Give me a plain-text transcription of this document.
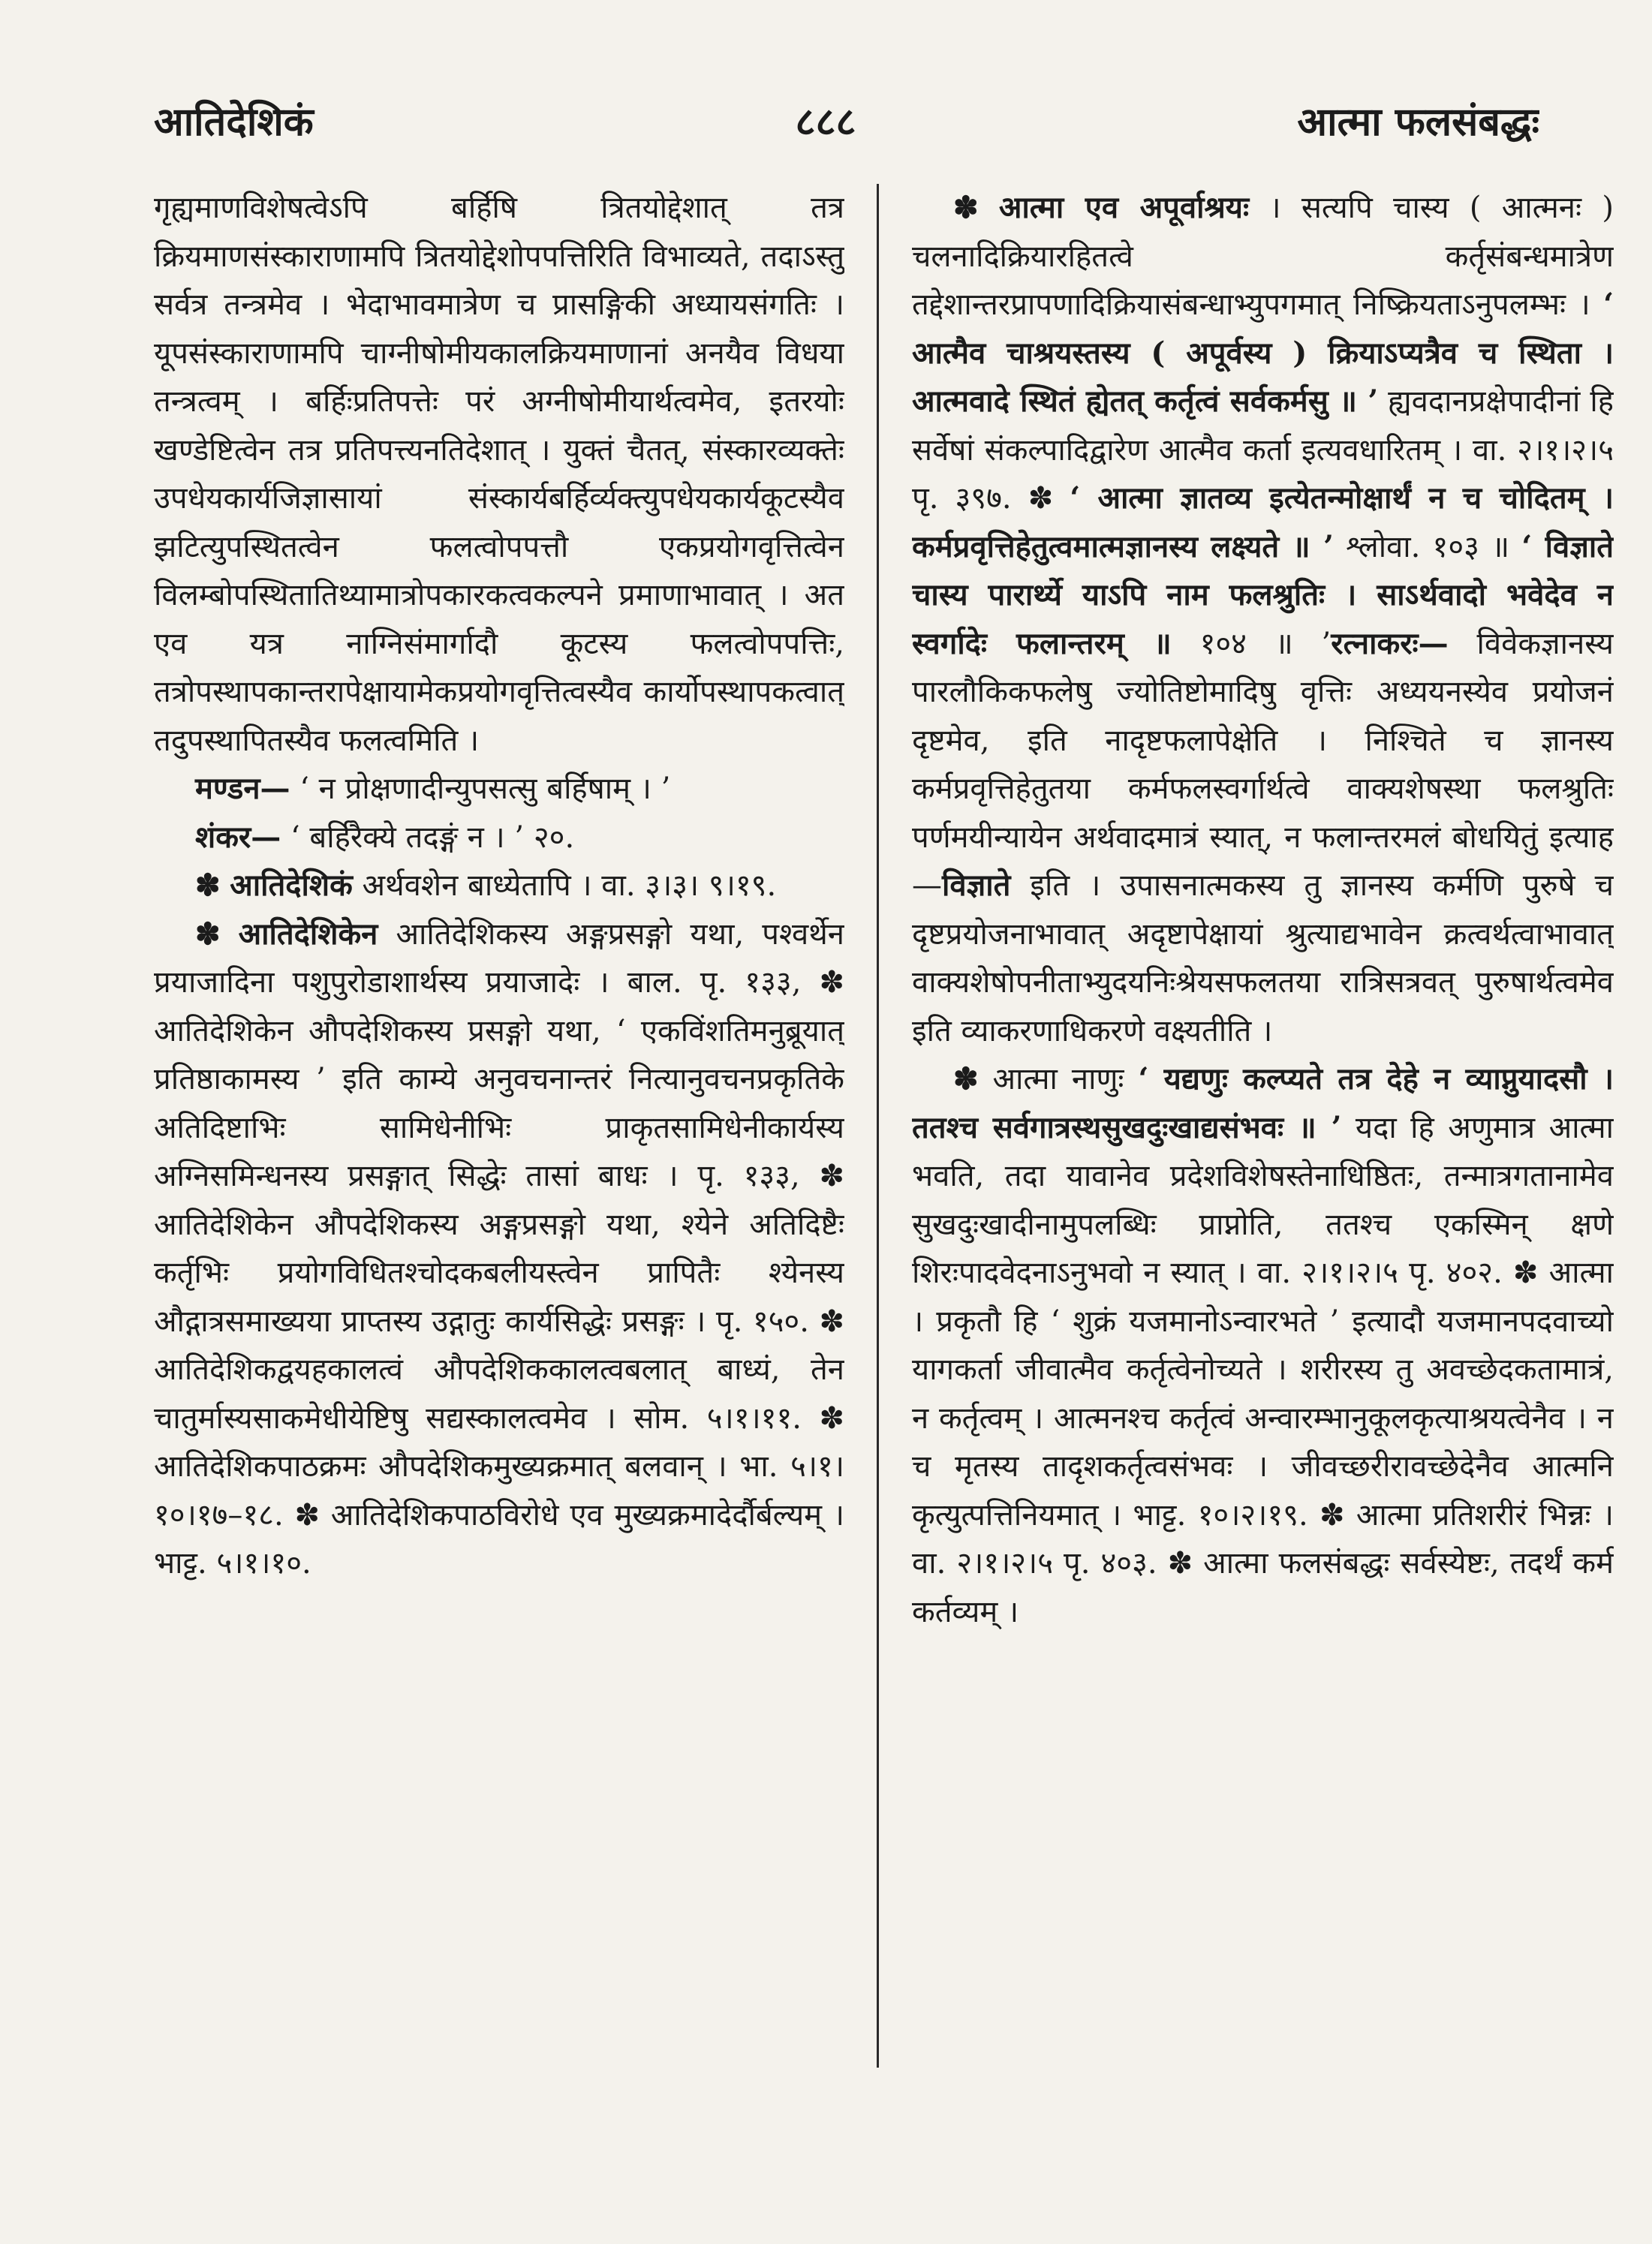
आतिदेशिकं	८८८	आत्मा फलसंबद्धः

गृह्यमाणविशेषत्वेऽपि बर्हिषि त्रितयोद्देशात् तत्र क्रियमाणसंस्काराणामपि त्रितयोद्देशोपपत्तिरिति विभाव्यते, तदाऽस्तु सर्वत्र तन्त्रमेव । भेदाभावमात्रेण च प्रासङ्गिकी अध्यायसंगतिः । यूपसंस्काराणामपि चाग्नीषोमीयकालक्रियमाणानां अनयैव विधया तन्त्रत्वम् । बर्हिःप्रतिपत्तेः परं अग्नीषोमीयार्थत्वमेव, इतरयोः खण्डेष्टित्वेन तत्र प्रतिपत्त्यनतिदेशात् । युक्तं चैतत्, संस्कारव्यक्तेः उपधेयकार्यजिज्ञासायां संस्कार्यबर्हिर्व्यक्त्युपधेयकार्यकूटस्यैव झटित्युपस्थितत्वेन फलत्वोपपत्तौ एकप्रयोगवृत्तित्वेन विलम्बोपस्थितातिथ्यामात्रोपकारकत्वकल्पने प्रमाणाभावात् । अत एव यत्र नाग्निसंमार्गादौ कूटस्य फलत्वोपपत्तिः, तत्रोपस्थापकान्तरापेक्षायामेकप्रयोगवृत्तित्वस्यैव कार्योपस्थापकत्वात् तदुपस्थापितस्यैव फलत्वमिति ।

मण्डन— ‘ न प्रोक्षणादीन्युपसत्सु बर्हिषाम् । ’

शंकर— ‘ बर्हिरैक्ये तदङ्गं न । ’ २०.

✽ आतिदेशिकं अर्थवशेन बाध्येतापि । वा. ३।३। ९।१९.

✽ आतिदेशिकेन आतिदेशिकस्य अङ्गप्रसङ्गो यथा, पश्वर्थेन प्रयाजादिना पशुपुरोडाशार्थस्य प्रयाजादेः । बाल. पृ. १३३, ✽ आतिदेशिकेन औपदेशिकस्य प्रसङ्गो यथा, ‘ एकविंशतिमनुब्रूयात् प्रतिष्ठाकामस्य ’ इति काम्ये अनुवचनान्तरं नित्यानुवचनप्रकृतिके अतिदिष्टाभिः सामिधेनीभिः प्राकृतसामिधेनीकार्यस्य अग्निसमिन्धनस्य प्रसङ्गात् सिद्धेः तासां बाधः । पृ. १३३, ✽ आतिदेशिकेन औपदेशिकस्य अङ्गप्रसङ्गो यथा, श्येने अतिदिष्टैः कर्तृभिः प्रयोगविधितश्चोदकबलीयस्त्वेन प्रापितैः श्येनस्य औद्गात्रसमाख्यया प्राप्तस्य उद्गातुः कार्यसिद्धेः प्रसङ्गः । पृ. १५०. ✽ आतिदेशिकद्वयहकालत्वं औपदेशिककालत्वबलात् बाध्यं, तेन चातुर्मास्यसाकमेधीयेष्टिषु सद्यस्कालत्वमेव । सोम. ५।१।११. ✽ आतिदेशिकपाठक्रमः औपदेशिकमुख्यक्रमात् बलवान् । भा. ५।१।१०।१७–१८. ✽ आतिदेशिकपाठविरोधे एव मुख्यक्रमादेर्दौर्बल्यम् । भाट्ट. ५।१।१०.

✽ आत्मा एव अपूर्वाश्रयः । सत्यपि चास्य ( आत्मनः ) चलनादिक्रियारहितत्वे कर्तृसंबन्धमात्रेण तद्देशान्तरप्रापणादिक्रियासंबन्धाभ्युपगमात् निष्क्रियताऽनुपलम्भः । ‘ आत्मैव चाश्रयस्तस्य ( अपूर्वस्य ) क्रियाऽप्यत्रैव च स्थिता । आत्मवादे स्थितं ह्येतत् कर्तृत्वं सर्वकर्मसु ॥ ’ ह्यवदानप्रक्षेपादीनां हि सर्वेषां संकल्पादिद्वारेण आत्मैव कर्ता इत्यवधारितम् । वा. २।१।२।५ पृ. ३९७. ✽ ‘ आत्मा ज्ञातव्य इत्येतन्मोक्षार्थं न च चोदितम् । कर्मप्रवृत्तिहेतुत्वमात्मज्ञानस्य लक्ष्यते ॥ ’ श्लोवा. १०३ ॥ ‘ विज्ञाते चास्य पारार्थ्ये याऽपि नाम फलश्रुतिः । साऽर्थवादो भवेदेव न स्वर्गादेः फलान्तरम् ॥ १०४ ॥ ’रत्नाकरः— विवेकज्ञानस्य पारलौकिकफलेषु ज्योतिष्टोमादिषु वृत्तिः अध्ययनस्येव प्रयोजनं दृष्टमेव, इति नादृष्टफलापेक्षेति । निश्चिते च ज्ञानस्य कर्मप्रवृत्तिहेतुतया कर्मफलस्वर्गार्थत्वे वाक्यशेषस्था फलश्रुतिः पर्णमयीन्यायेन अर्थवादमात्रं स्यात्, न फलान्तरमलं बोधयितुं इत्याह—विज्ञाते इति । उपासनात्मकस्य तु ज्ञानस्य कर्मणि पुरुषे च दृष्टप्रयोजनाभावात् अदृष्टापेक्षायां श्रुत्याद्यभावेन क्रत्वर्थत्वाभावात् वाक्यशेषोपनीताभ्युदयनिःश्रेयसफलतया रात्रिसत्रवत् पुरुषार्थत्वमेव इति व्याकरणाधिकरणे वक्ष्यतीति ।

✽ आत्मा नाणुः ‘ यद्यणुः कल्प्यते तत्र देहे न व्याप्नुयादसौ । ततश्च सर्वगात्रस्थसुखदुःखाद्यसंभवः ॥ ’ यदा हि अणुमात्र आत्मा भवति, तदा यावानेव प्रदेशविशेषस्तेनाधिष्ठितः, तन्मात्रगतानामेव सुखदुःखादीनामुपलब्धिः प्राप्नोति, ततश्च एकस्मिन् क्षणे शिरःपादवेदनाऽनुभवो न स्यात् । वा. २।१।२।५ पृ. ४०२. ✽ आत्मा । प्रकृतौ हि ‘ शुक्रं यजमानोऽन्वारभते ’ इत्यादौ यजमानपदवाच्यो यागकर्ता जीवात्मैव कर्तृत्वेनोच्यते । शरीरस्य तु अवच्छेदकतामात्रं, न कर्तृत्वम् । आत्मनश्च कर्तृत्वं अन्वारम्भानुकूलकृत्याश्रयत्वेनैव । न च मृतस्य तादृशकर्तृत्वसंभवः । जीवच्छरीरावच्छेदेनैव आत्मनि कृत्युत्पत्तिनियमात् । भाट्ट. १०।२।१९. ✽ आत्मा प्रतिशरीरं भिन्नः । वा. २।१।२।५ पृ. ४०३. ✽ आत्मा फलसंबद्धः सर्वस्येष्टः, तदर्थं कर्म कर्तव्यम् ।
